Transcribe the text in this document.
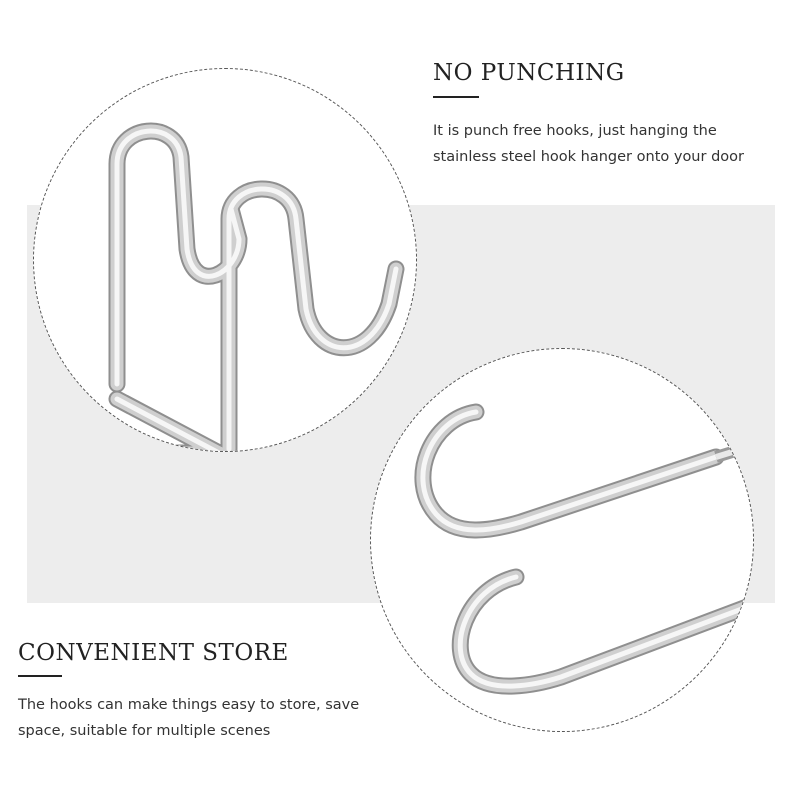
NO PUNCHING

It is punch free hooks, just hanging the stainless steel hook hanger onto your door

CONVENIENT STORE

The hooks can make things easy to store, save space, suitable for multiple scenes
